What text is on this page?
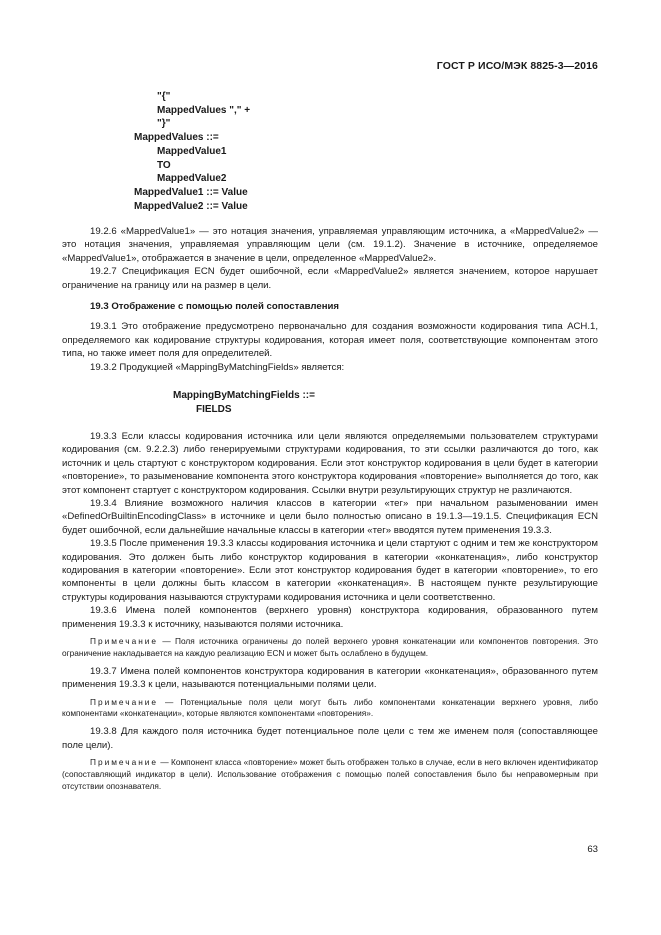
ГОСТ Р ИСО/МЭК 8825-3—2016
"{"
MappedValues "," +
"}"
MappedValues ::=
MappedValue1
TO
MappedValue2
MappedValue1 ::= Value
MappedValue2 ::= Value

19.2.6 «MappedValue1» — это нотация значения, управляемая управляющим источника, а «MappedValue2» — это нотация значения, управляемая управляющим цели (см. 19.1.2). Значение в источнике, определяемое «MappedValue1», отображается в значение в цели, определенное «MappedValue2».

19.2.7 Спецификация ECN будет ошибочной, если «MappedValue2» является значением, которое нарушает ограничение на границу или на размер в цели.

19.3 Отображение с помощью полей сопоставления

19.3.1 Это отображение предусмотрено первоначально для создания возможности кодирования типа АСН.1, определяемого как кодирование структуры кодирования, которая имеет поля, соответствующие компонентам этого типа, но также имеет поля для определителей.

19.3.2 Продукцией «MappingByMatchingFields» является:

MappingByMatchingFields ::=
FIELDS

19.3.3 Если классы кодирования источника или цели являются определяемыми пользователем структурами кодирования (см. 9.2.2.3) либо генерируемыми структурами кодирования, то эти ссылки различаются до того, как источник и цель стартуют с конструктором кодирования. Если этот конструктор кодирования в цели будет в категории «повторение», то разыменование компонента этого конструктора кодирования «повторение» выполняется до того, как этот компонент стартует с конструктором кодирования. Ссылки внутри результирующих структур не различаются.

19.3.4 Влияние возможного наличия классов в категории «тег» при начальном разыменовании имен «DefinedOrBuiltinEncodingClass» в источнике и цели было полностью описано в 19.1.3—19.1.5. Спецификация ECN будет ошибочной, если дальнейшие начальные классы в категории «тег» вводятся путем применения 19.3.3.

19.3.5 После применения 19.3.3 классы кодирования источника и цели стартуют с одним и тем же конструктором кодирования. Это должен быть либо конструктор кодирования в категории «конкатенация», либо конструктор кодирования в категории «повторение». Если этот конструктор кодирования будет в категории «повторение», то его компоненты в цели должны быть классом в категории «конкатенация». В настоящем пункте результирующие структуры кодирования называются структурами кодирования источника и цели соответственно.

19.3.6 Имена полей компонентов (верхнего уровня) конструктора кодирования, образованного путем применения 19.3.3 к источнику, называются полями источника.

Примечание — Поля источника ограничены до полей верхнего уровня конкатенации или компонентов повторения. Это ограничение накладывается на каждую реализацию ECN и может быть ослаблено в будущем.

19.3.7 Имена полей компонентов конструктора кодирования в категории «конкатенация», образованного путем применения 19.3.3 к цели, называются потенциальными полями цели.

Примечание — Потенциальные поля цели могут быть либо компонентами конкатенации верхнего уровня, либо компонентами «конкатенации», которые являются компонентами «повторения».

19.3.8 Для каждого поля источника будет потенциальное поле цели с тем же именем поля (сопоставляющее поле цели).

Примечание — Компонент класса «повторение» может быть отображен только в случае, если в него включен идентификатор (сопоставляющий индикатор в цели). Использование отображения с помощью полей сопоставления было бы неправомерным при отсутствии опознавателя.

63
